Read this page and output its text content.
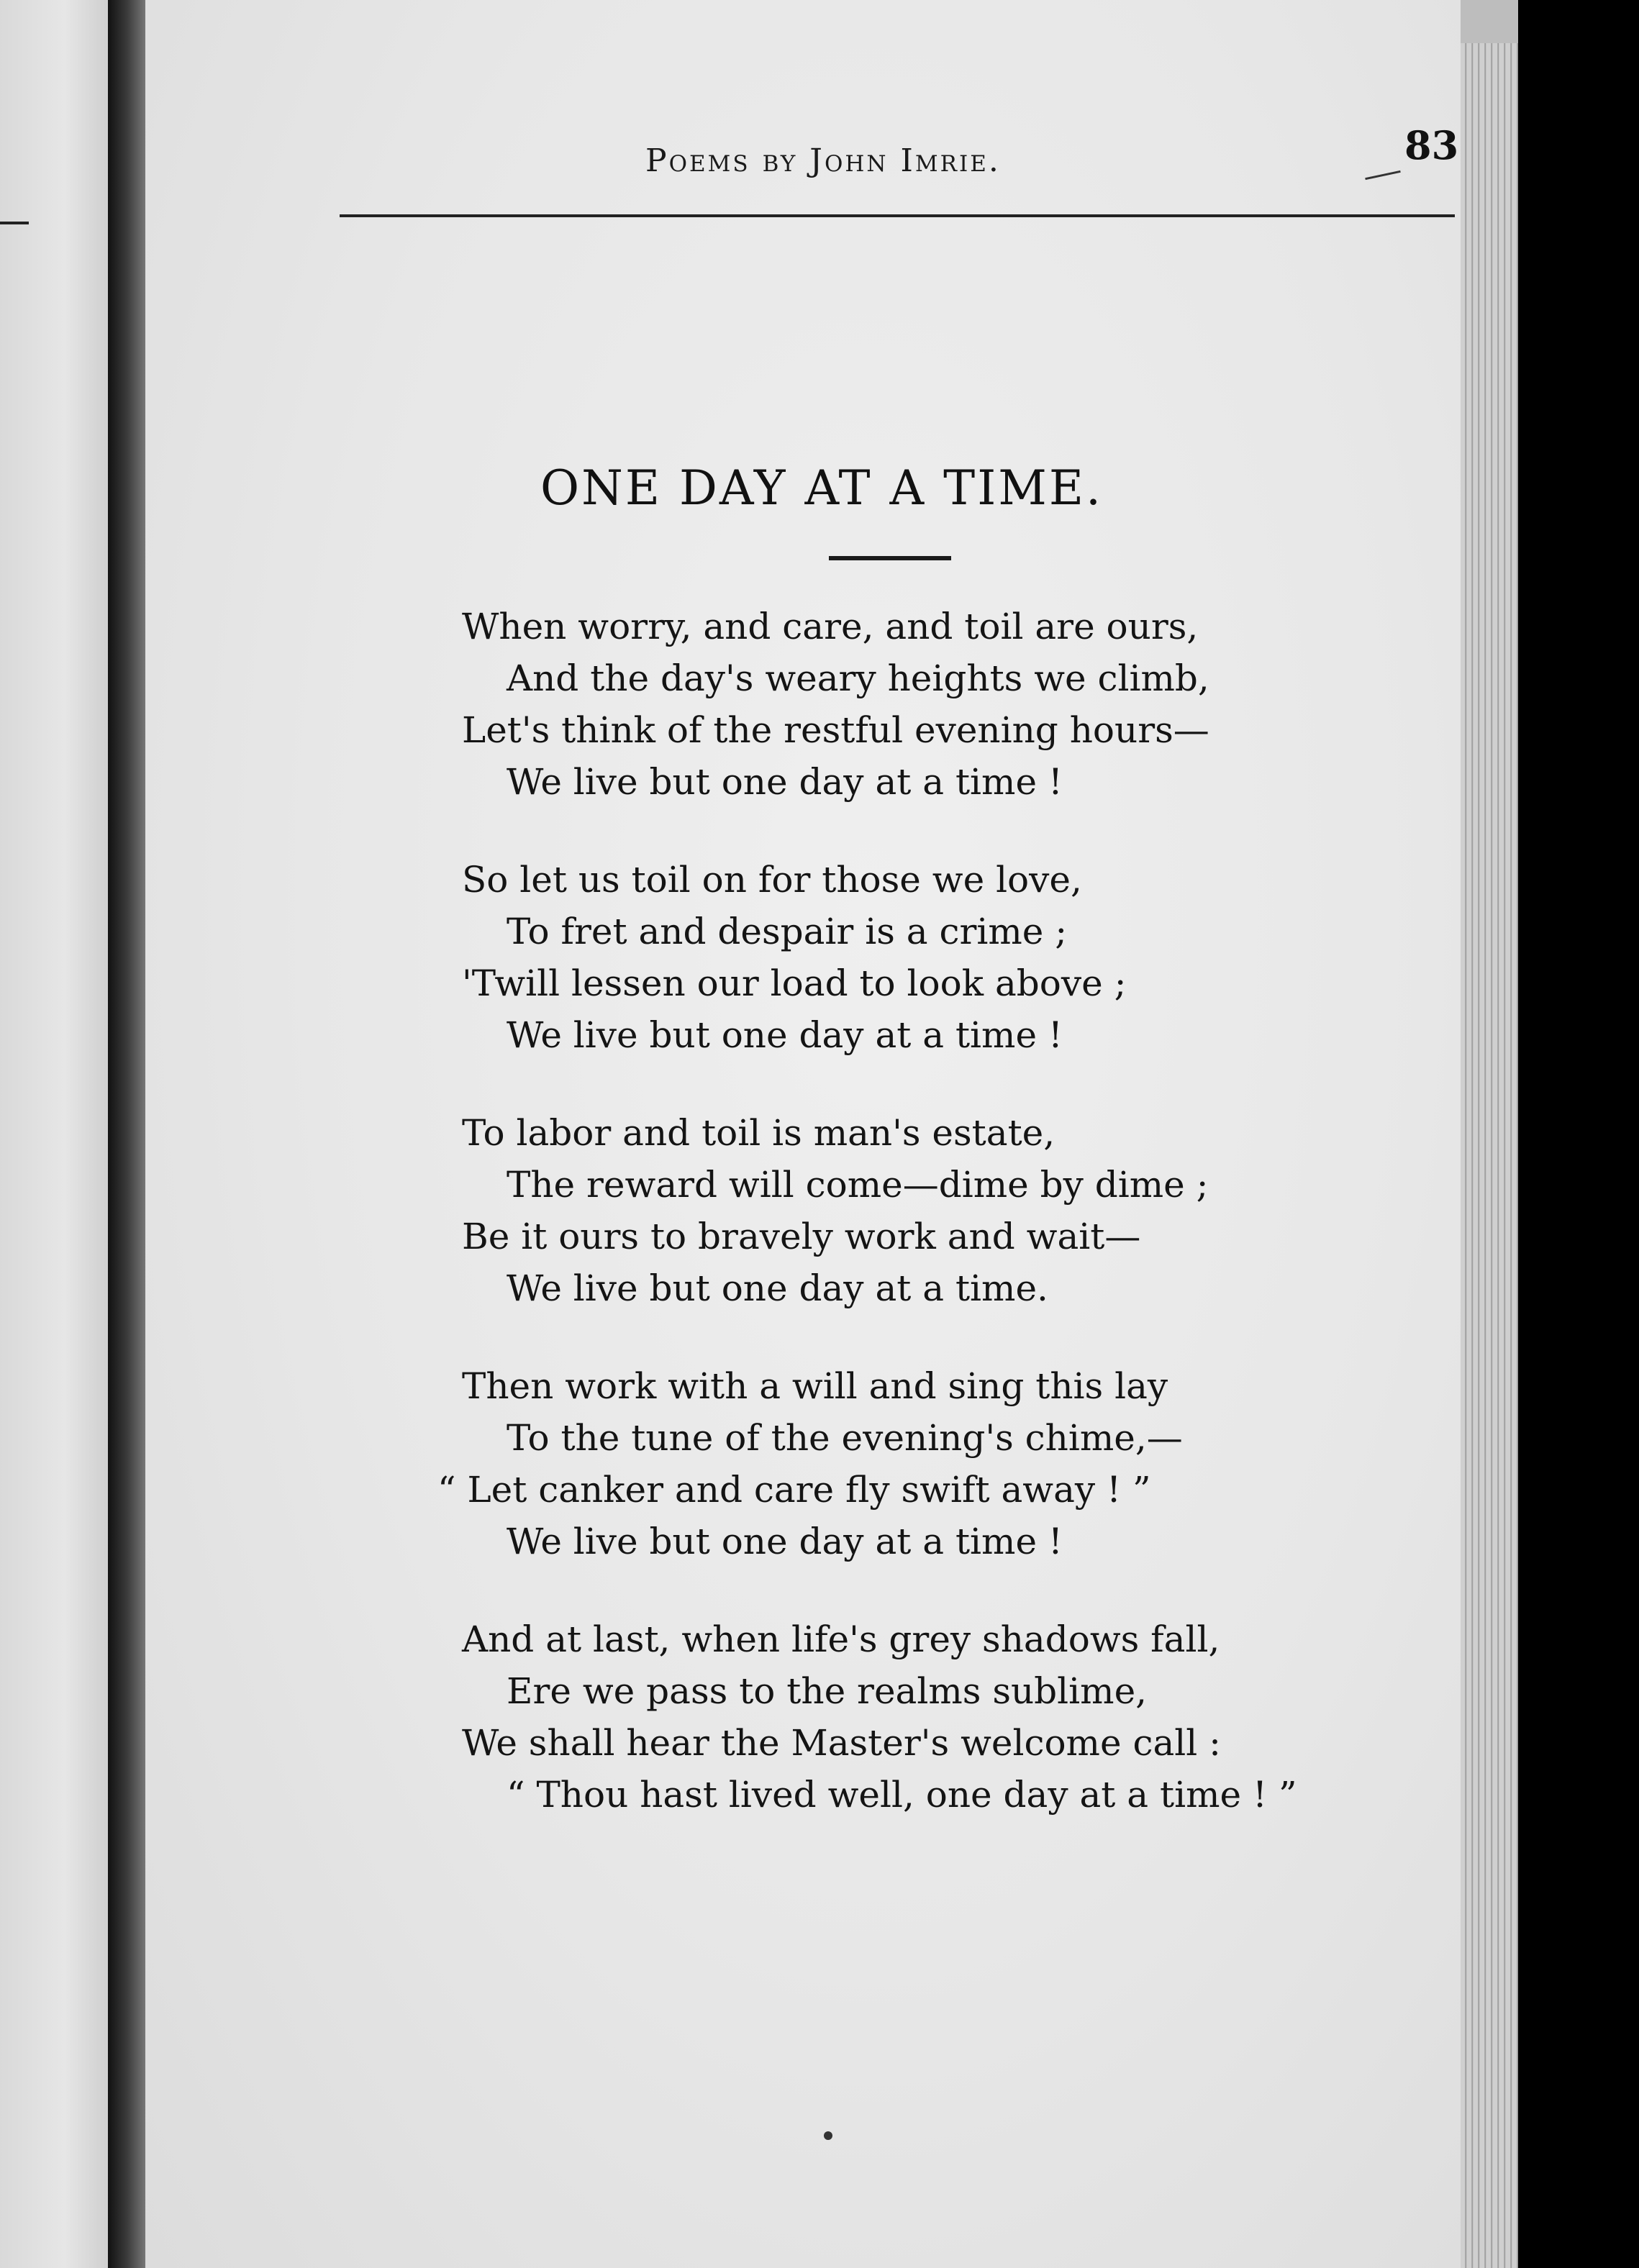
Poems by John Imrie.	83
ONE DAY AT A TIME.
When worry, and care, and toil are ours,
And the day's weary heights we climb,
Let's think of the restful evening hours—
We live but one day at a time !
So let us toil on for those we love,
To fret and despair is a crime ;
'Twill lessen our load to look above ;
We live but one day at a time !
To labor and toil is man's estate,
The reward will come—dime by dime ;
Be it ours to bravely work and wait—
We live but one day at a time.
Then work with a will and sing this lay
To the tune of the evening's chime,—
“ Let canker and care fly swift away ! ”
We live but one day at a time !
And at last, when life's grey shadows fall,
Ere we pass to the realms sublime,
We shall hear the Master's welcome call :
“ Thou hast lived well, one day at a time ! ”
